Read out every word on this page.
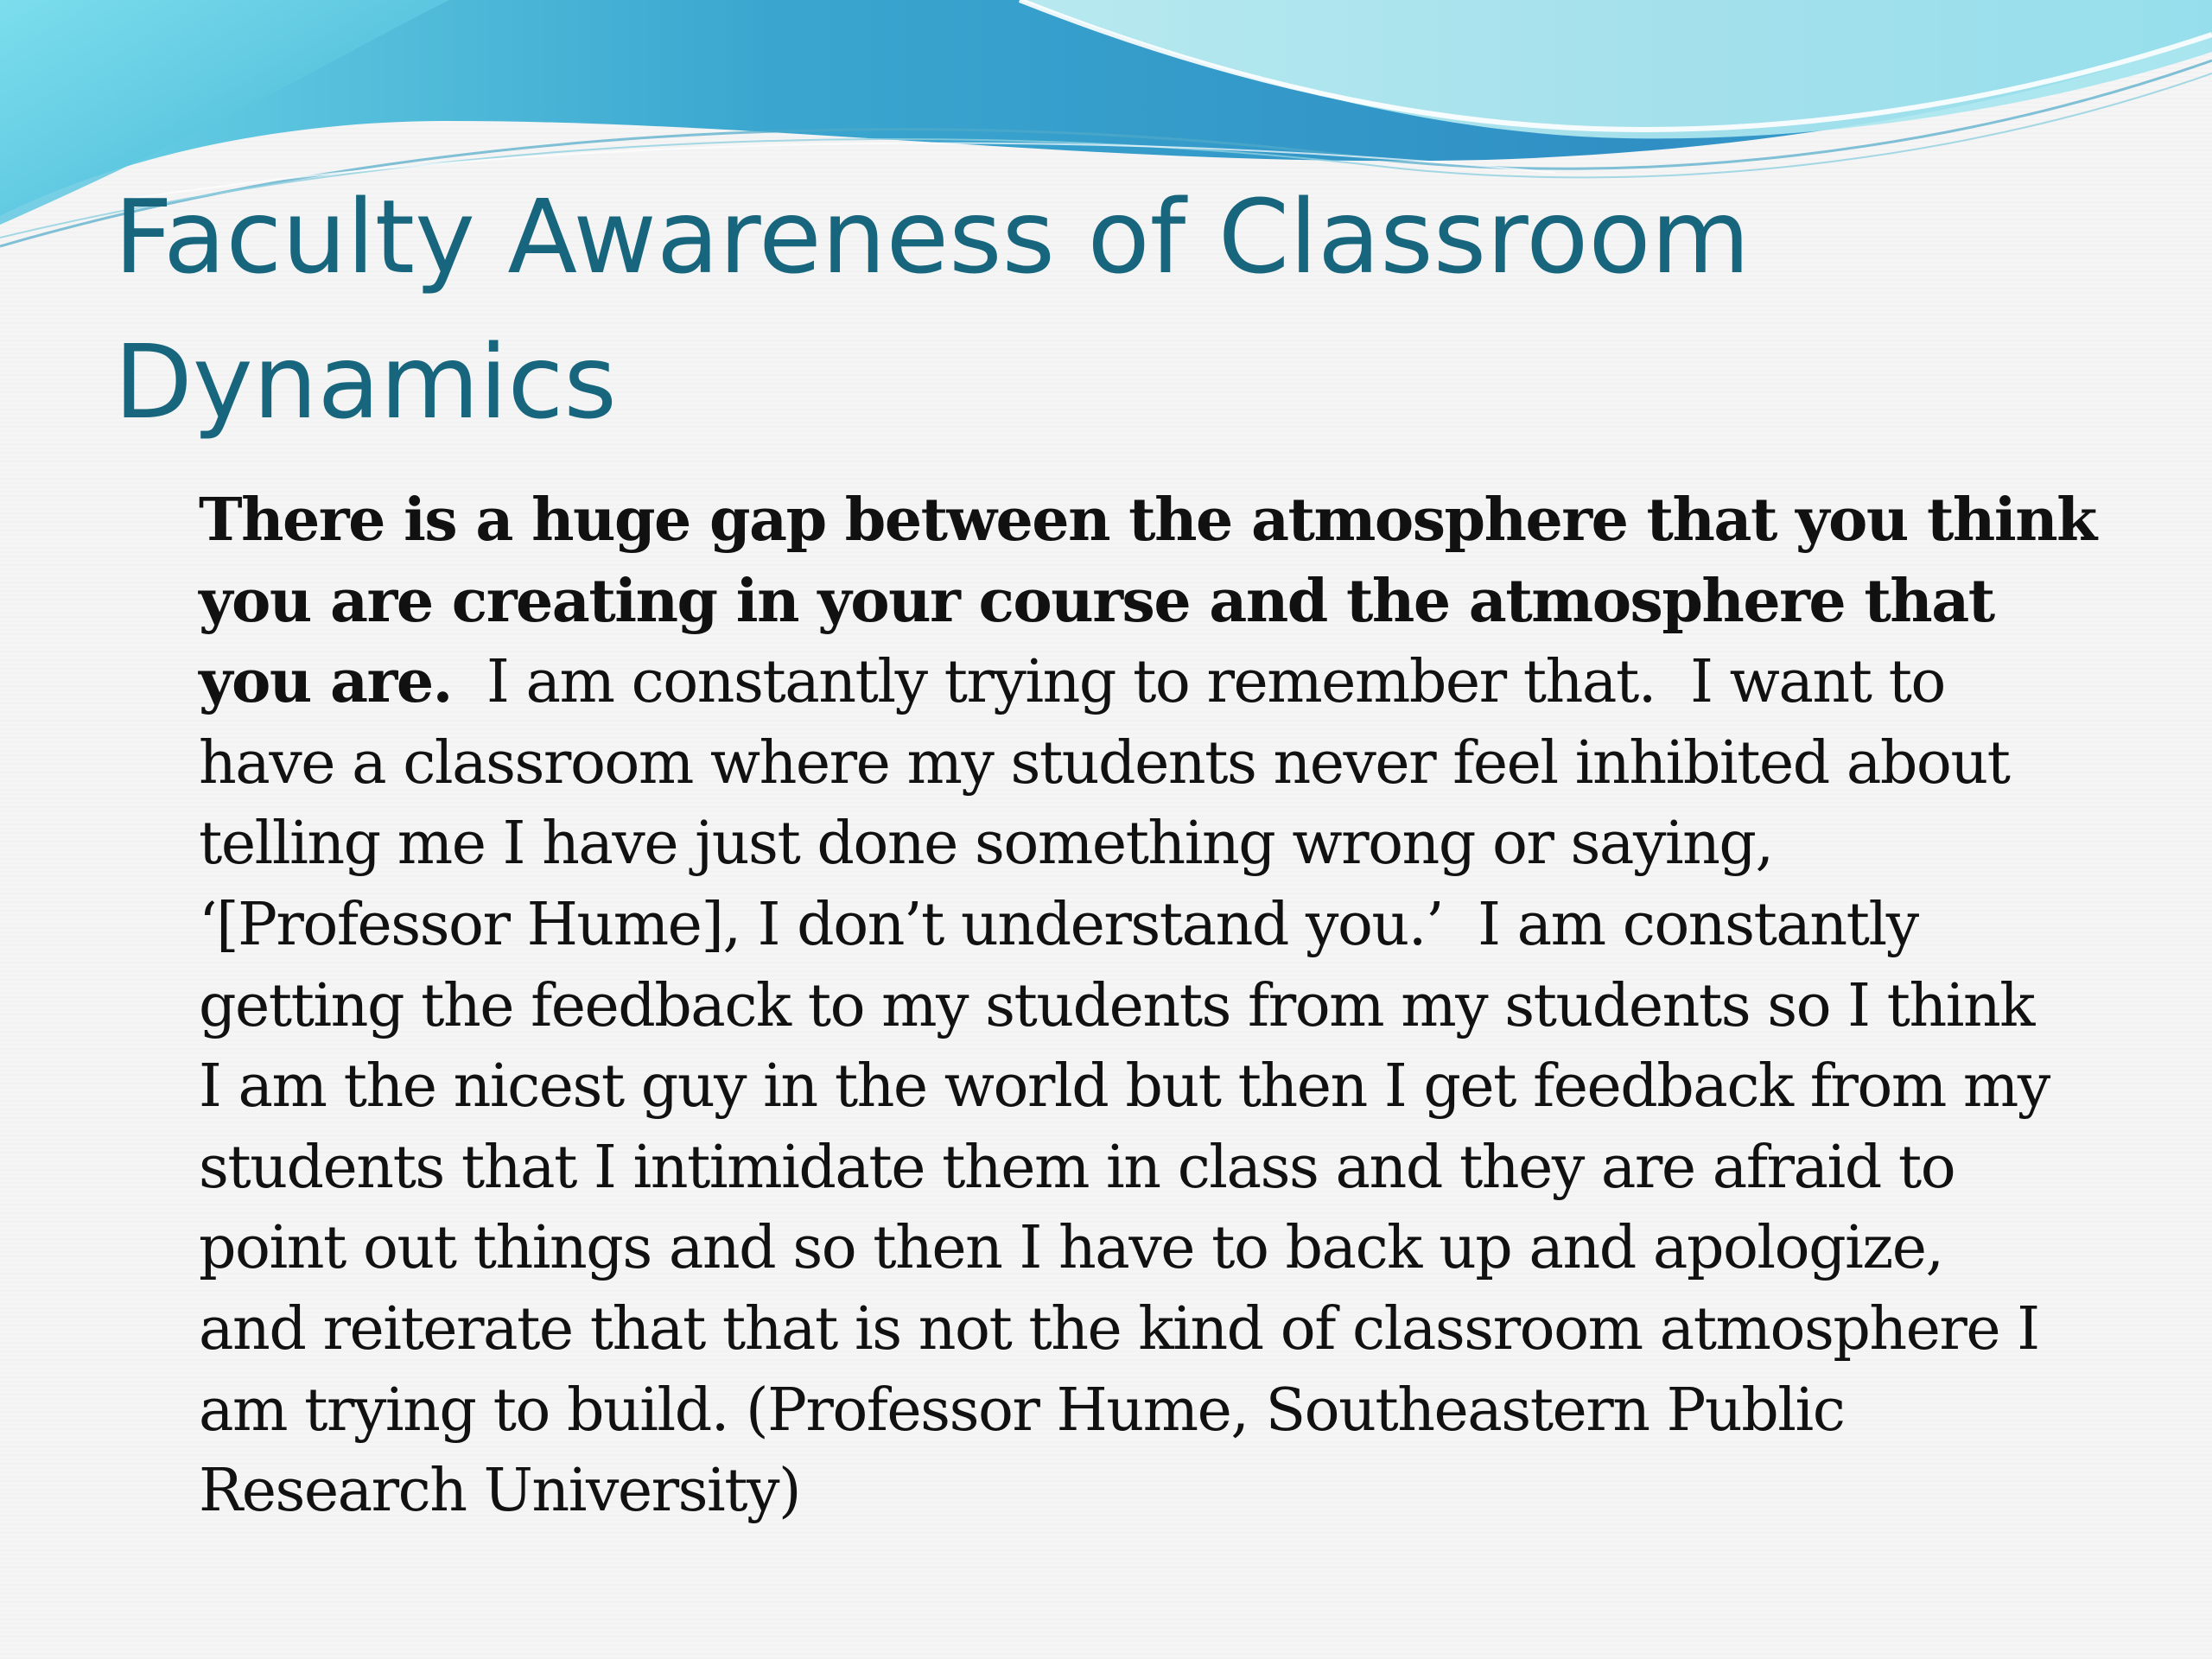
Faculty Awareness of Classroom
Dynamics
There is a huge gap between the atmosphere that you think
you are creating in your course and the atmosphere that
you are.  I am constantly trying to remember that.  I want to
have a classroom where my students never feel inhibited about
telling me I have just done something wrong or saying,
‘[Professor Hume], I don’t understand you.’  I am constantly
getting the feedback to my students from my students so I think
I am the nicest guy in the world but then I get feedback from my
students that I intimidate them in class and they are afraid to
point out things and so then I have to back up and apologize,
and reiterate that that is not the kind of classroom atmosphere I
am trying to build. (Professor Hume, Southeastern Public
Research University)
